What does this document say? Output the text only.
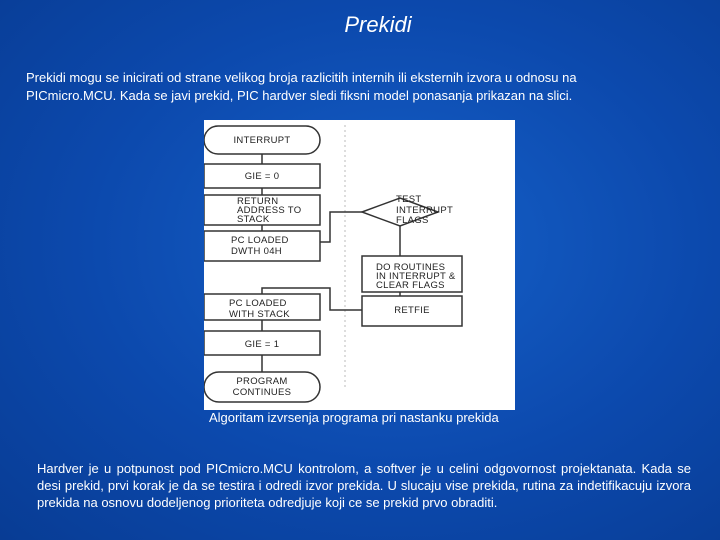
Prekidi
Prekidi mogu se inicirati od strane velikog broja razlicitih internih ili eksternih izvora u odnosu na PICmicro.MCU. Kada se javi prekid, PIC hardver sledi fiksni model ponasanja prikazan na slici.
INTERRUPT
GIE = 0
RETURN
ADDRESS TO
STACK
PC LOADED
DWTH 04H
TEST
INTERRUPT
FLAGS
DO ROUTINES
IN INTERRUPT &
CLEAR FLAGS
RETFIE
PC LOADED
WITH STACK
GIE = 1
PROGRAM
CONTINUES
Algoritam izvrsenja programa pri nastanku prekida
Hardver je u potpunost pod PICmicro.MCU kontrolom, a softver je u celini odgovornost projektanata. Kada se desi prekid, prvi korak je da se testira i odredi izvor prekida. U slucaju vise prekida, rutina za indetifikacuju izvora prekida na osnovu dodeljenog prioriteta odredjuje koji ce se prekid prvo obraditi.
